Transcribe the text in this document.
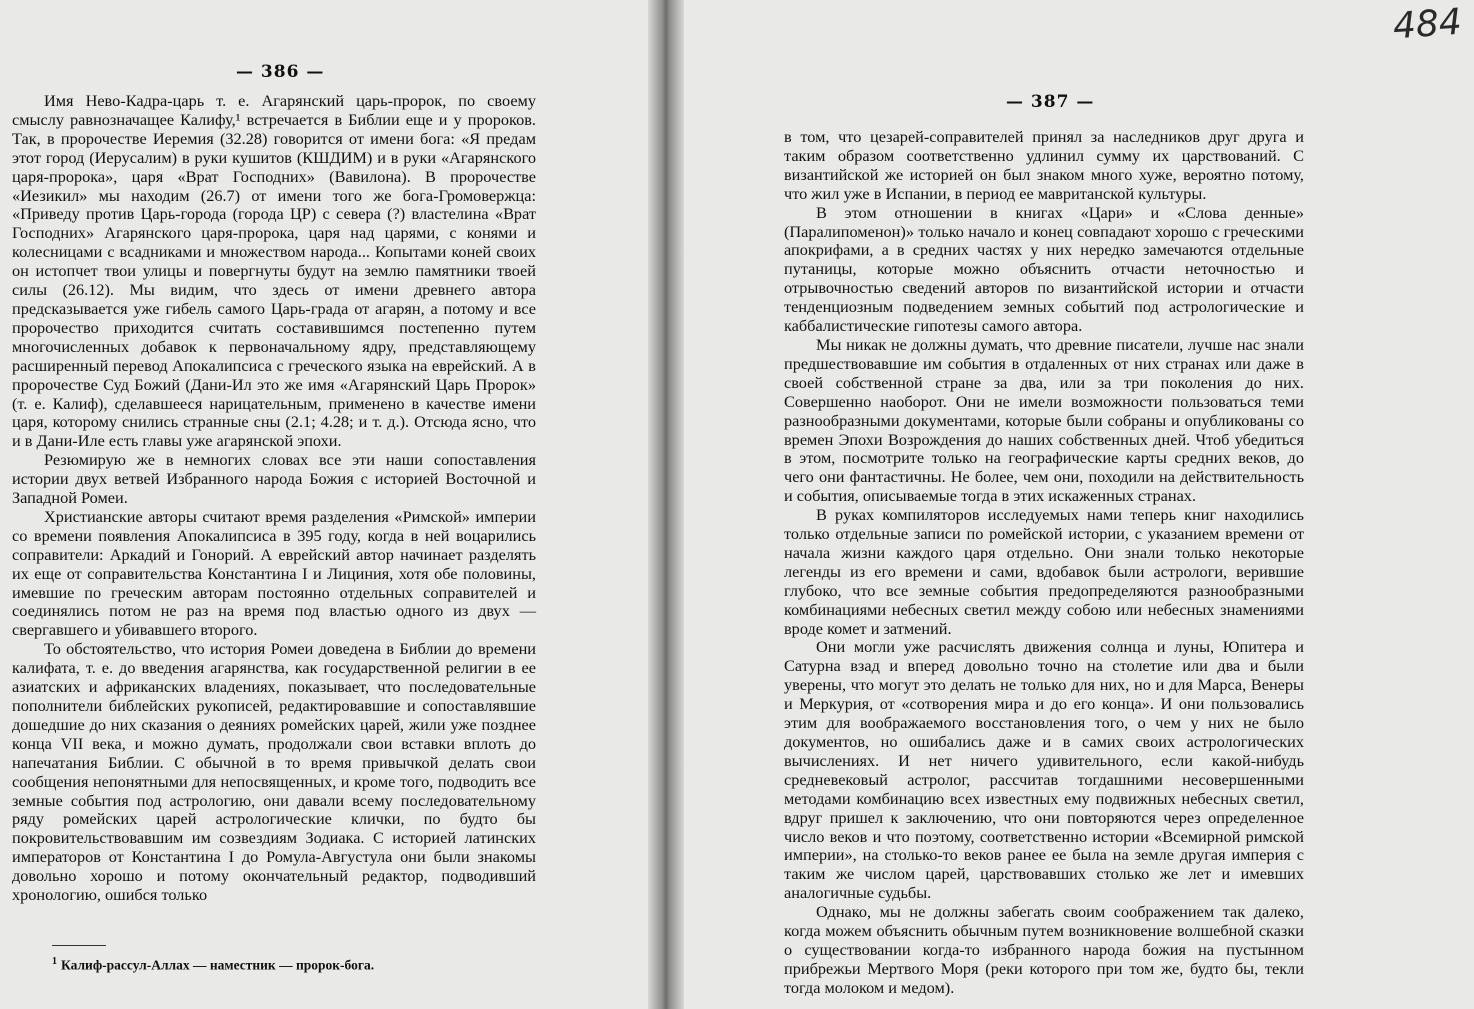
— 386 —

Имя Нево-Кадра-царь т. е. Агарянский царь-пророк, по своему смыслу равнозначащее Калифу,¹ встречается в Библии еще и у пророков. Так, в пророчестве Иеремия (32.28) говорится от имени бога: «Я предам этот город (Иерусалим) в руки кушитов (КШДИМ) и в руки «Агарянского царя-пророка», царя «Врат Господних» (Вавилона). В пророчестве «Иезикил» мы находим (26.7) от имени того же бога-Громовержца: «Приведу против Царь-города (города ЦР) с севера (?) властелина «Врат Господних» Агарянского царя-пророка, царя над царями, с конями и колесницами с всадниками и множеством народа... Копытами коней своих он истопчет твои улицы и повергнуты будут на землю памятники твоей силы (26.12). Мы видим, что здесь от имени древнего автора предсказывается уже гибель самого Царь-града от агарян, а потому и все пророчество приходится считать составившимся постепенно путем многочисленных добавок к первоначальному ядру, представляющему расширенный перевод Апокалипсиса с греческого языка на еврейский. А в пророчестве Суд Божий (Дани-Ил это же имя «Агарянский Царь Пророк» (т. е. Калиф), сделавшееся нарицательным, применено в качестве имени царя, которому снились странные сны (2.1; 4.28; и т. д.). Отсюда ясно, что и в Дани-Иле есть главы уже агарянской эпохи.

Резюмирую же в немногих словах все эти наши сопоставления истории двух ветвей Избранного народа Божия с историей Восточной и Западной Ромеи.

Христианские авторы считают время разделения «Римской» империи со времени появления Апокалипсиса в 395 году, когда в ней воцарились соправители: Аркадий и Гонорий. А еврейский автор начинает разделять их еще от соправительства Константина I и Лициния, хотя обе половины, имевшие по греческим авторам постоянно отдельных соправителей и соединялись потом не раз на время под властью одного из двух — свергавшего и убивавшего второго.

То обстоятельство, что история Ромеи доведена в Библии до времени калифата, т. е. до введения агарянства, как государственной религии в ее азиатских и африканских владениях, показывает, что последовательные пополнители библейских рукописей, редактировавшие и сопоставлявшие дошедшие до них сказания о деяниях ромейских царей, жили уже позднее конца VII века, и можно думать, продолжали свои вставки вплоть до напечатания Библии. С обычной в то время привычкой делать свои сообщения непонятными для непосвященных, и кроме того, подводить все земные события под астрологию, они давали всему последовательному ряду ромейских царей астрологические клички, по будто бы покровительствовавшим им созвездиям Зодиака. С историей латинских императоров от Константина I до Ромула-Августула они были знакомы довольно хорошо и потому окончательный редактор, подводивший хронологию, ошибся только

$^1$ Калиф-рассул-Аллах — наместник — пророк-бога.
484
— 387 —

в том, что цезарей-соправителей принял за наследников друг друга и таким образом соответственно удлинил сумму их царствований. С византийской же историей он был знаком много хуже, вероятно потому, что жил уже в Испании, в период ее мавританской культуры.

В этом отношении в книгах «Цари» и «Слова денные» (Паралипоменон)» только начало и конец совпадают хорошо с греческими апокрифами, а в средних частях у них нередко замечаются отдельные путаницы, которые можно объяснить отчасти неточностью и отрывочностью сведений авторов по византийской истории и отчасти тенденциозным подведением земных событий под астрологические и каббалистические гипотезы самого автора.

Мы никак не должны думать, что древние писатели, лучше нас знали предшествовавшие им события в отдаленных от них странах или даже в своей собственной стране за два, или за три поколения до них. Совершенно наоборот. Они не имели возможности пользоваться теми разнообразными документами, которые были собраны и опубликованы со времен Эпохи Возрождения до наших собственных дней. Чтоб убедиться в этом, посмотрите только на географические карты средних веков, до чего они фантастичны. Не более, чем они, походили на действительность и события, описываемые тогда в этих искаженных странах.

В руках компиляторов исследуемых нами теперь книг находились только отдельные записи по ромейской истории, с указанием времени от начала жизни каждого царя отдельно. Они знали только некоторые легенды из его времени и сами, вдобавок были астрологи, верившие глубоко, что все земные события предопределяются разнообразными комбинациями небесных светил между собою или небесных знамениями вроде комет и затмений.

Они могли уже расчислять движения солнца и луны, Юпитера и Сатурна взад и вперед довольно точно на столетие или два и были уверены, что могут это делать не только для них, но и для Марса, Венеры и Меркурия, от «сотворения мира и до его конца». И они пользовались этим для воображаемого восстановления того, о чем у них не было документов, но ошибались даже и в самих своих астрологических вычислениях. И нет ничего удивительного, если какой-нибудь средневековый астролог, рассчитав тогдашними несовершенными методами комбинацию всех известных ему подвижных небесных светил, вдруг пришел к заключению, что они повторяются через определенное число веков и что поэтому, соответственно истории «Всемирной римской империи», на столько-то веков ранее ее была на земле другая империя с таким же числом царей, царствовавших столько же лет и имевших аналогичные судьбы.

Однако, мы не должны забегать своим соображением так далеко, когда можем объяснить обычным путем возникновение волшебной сказки о существовании когда-то избранного народа божия на пустынном прибрежьи Мертвого Моря (реки которого при том же, будто бы, текли тогда молоком и медом).
